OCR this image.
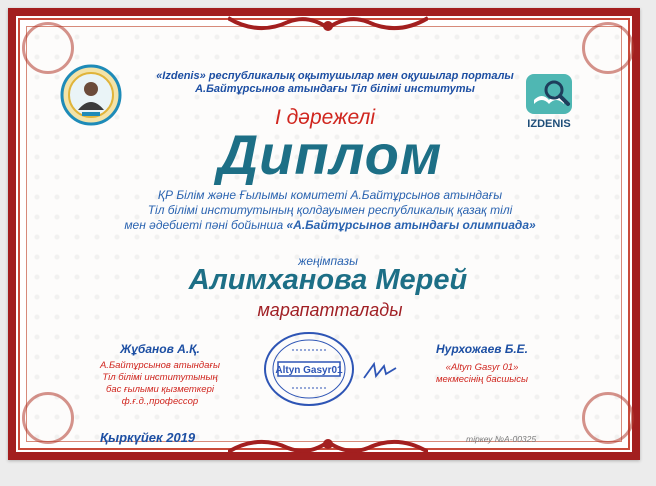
IZDENIS
«Izdenis» республикалық оқытушылар мен оқушылар порталы
А.Байтұрсынов атындағы Тіл білімі институты
І дәрежелі
Диплом
ҚР Білім және Ғылымы комитеті А.Байтұрсынов атындағы
Тіл білімі институтының қолдауымен республикалық қазақ тілі
мен әдебиеті пәні бойынша «А.Байтұрсынов атындағы олимпиада»
жеңімпазы
Алимханова Мерей
марапатталады
Жұбанов А.Қ.
А.Байтұрсынов атындағы
Тіл білімі институтының
бас ғылыми қызметкері
ф.ғ.д.,профессор
Altyn Gasyr01
Нурхожаев Б.Е.
«Altyn Gasyr 01»
мекмесінің басшысы
Қыркүйек 2019	тіркеу №А-00325
